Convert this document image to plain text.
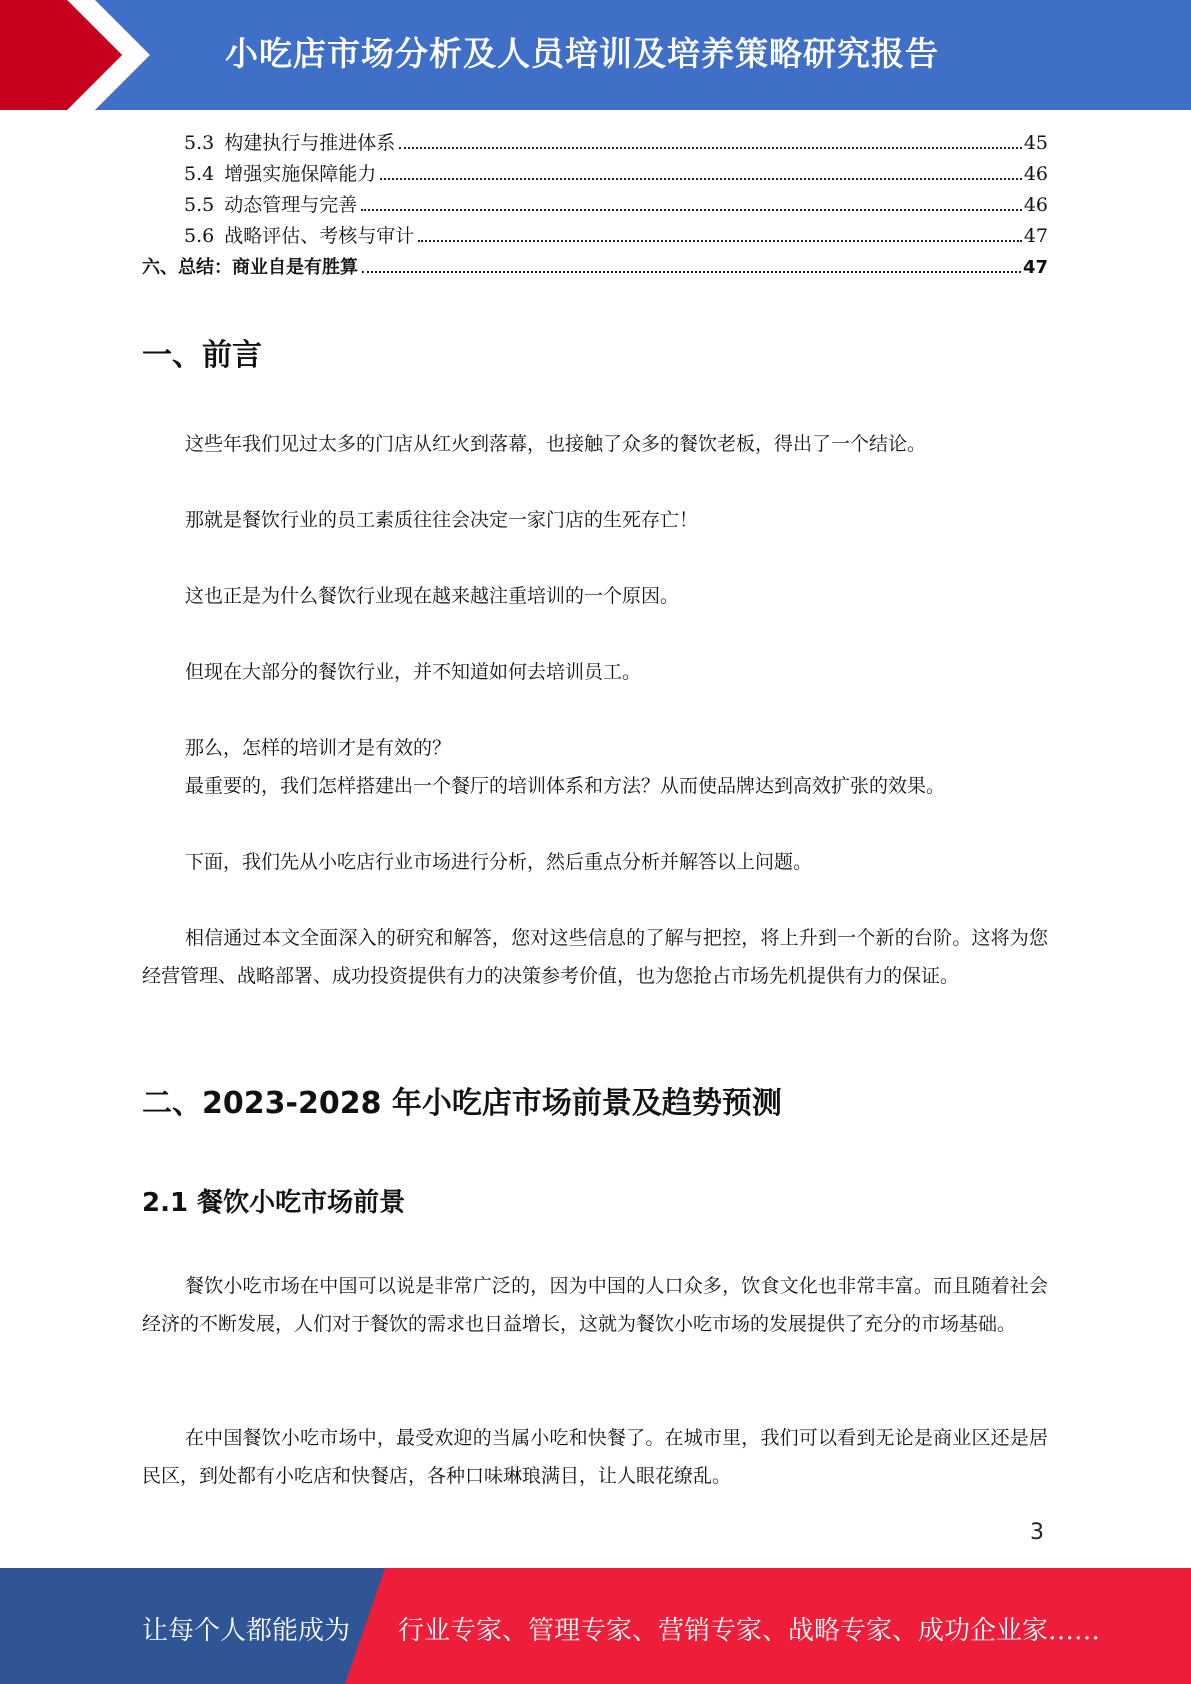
小吃店市场分析及人员培训及培养策略研究报告
5.3 构建执行与推进体系	45
5.4 增强实施保障能力	46
5.5 动态管理与完善	46
5.6 战略评估、考核与审计	47
六、总结：商业自是有胜算	47
一、前言
这些年我们见过太多的门店从红火到落幕，也接触了众多的餐饮老板，得出了一个结论。
那就是餐饮行业的员工素质往往会决定一家门店的生死存亡！
这也正是为什么餐饮行业现在越来越注重培训的一个原因。
但现在大部分的餐饮行业，并不知道如何去培训员工。
那么，怎样的培训才是有效的？
最重要的，我们怎样搭建出一个餐厅的培训体系和方法？从而使品牌达到高效扩张的效果。
下面，我们先从小吃店行业市场进行分析，然后重点分析并解答以上问题。
相信通过本文全面深入的研究和解答，您对这些信息的了解与把控，将上升到一个新的台阶。这将为您经营管理、战略部署、成功投资提供有力的决策参考价值，也为您抢占市场先机提供有力的保证。
二、2023-2028 年小吃店市场前景及趋势预测
2.1 餐饮小吃市场前景
餐饮小吃市场在中国可以说是非常广泛的，因为中国的人口众多，饮食文化也非常丰富。而且随着社会经济的不断发展，人们对于餐饮的需求也日益增长，这就为餐饮小吃市场的发展提供了充分的市场基础。
在中国餐饮小吃市场中，最受欢迎的当属小吃和快餐了。在城市里，我们可以看到无论是商业区还是居民区，到处都有小吃店和快餐店，各种口味琳琅满目，让人眼花缭乱。
3
让每个人都能成为 行业专家、管理专家、营销专家、战略专家、成功企业家……
